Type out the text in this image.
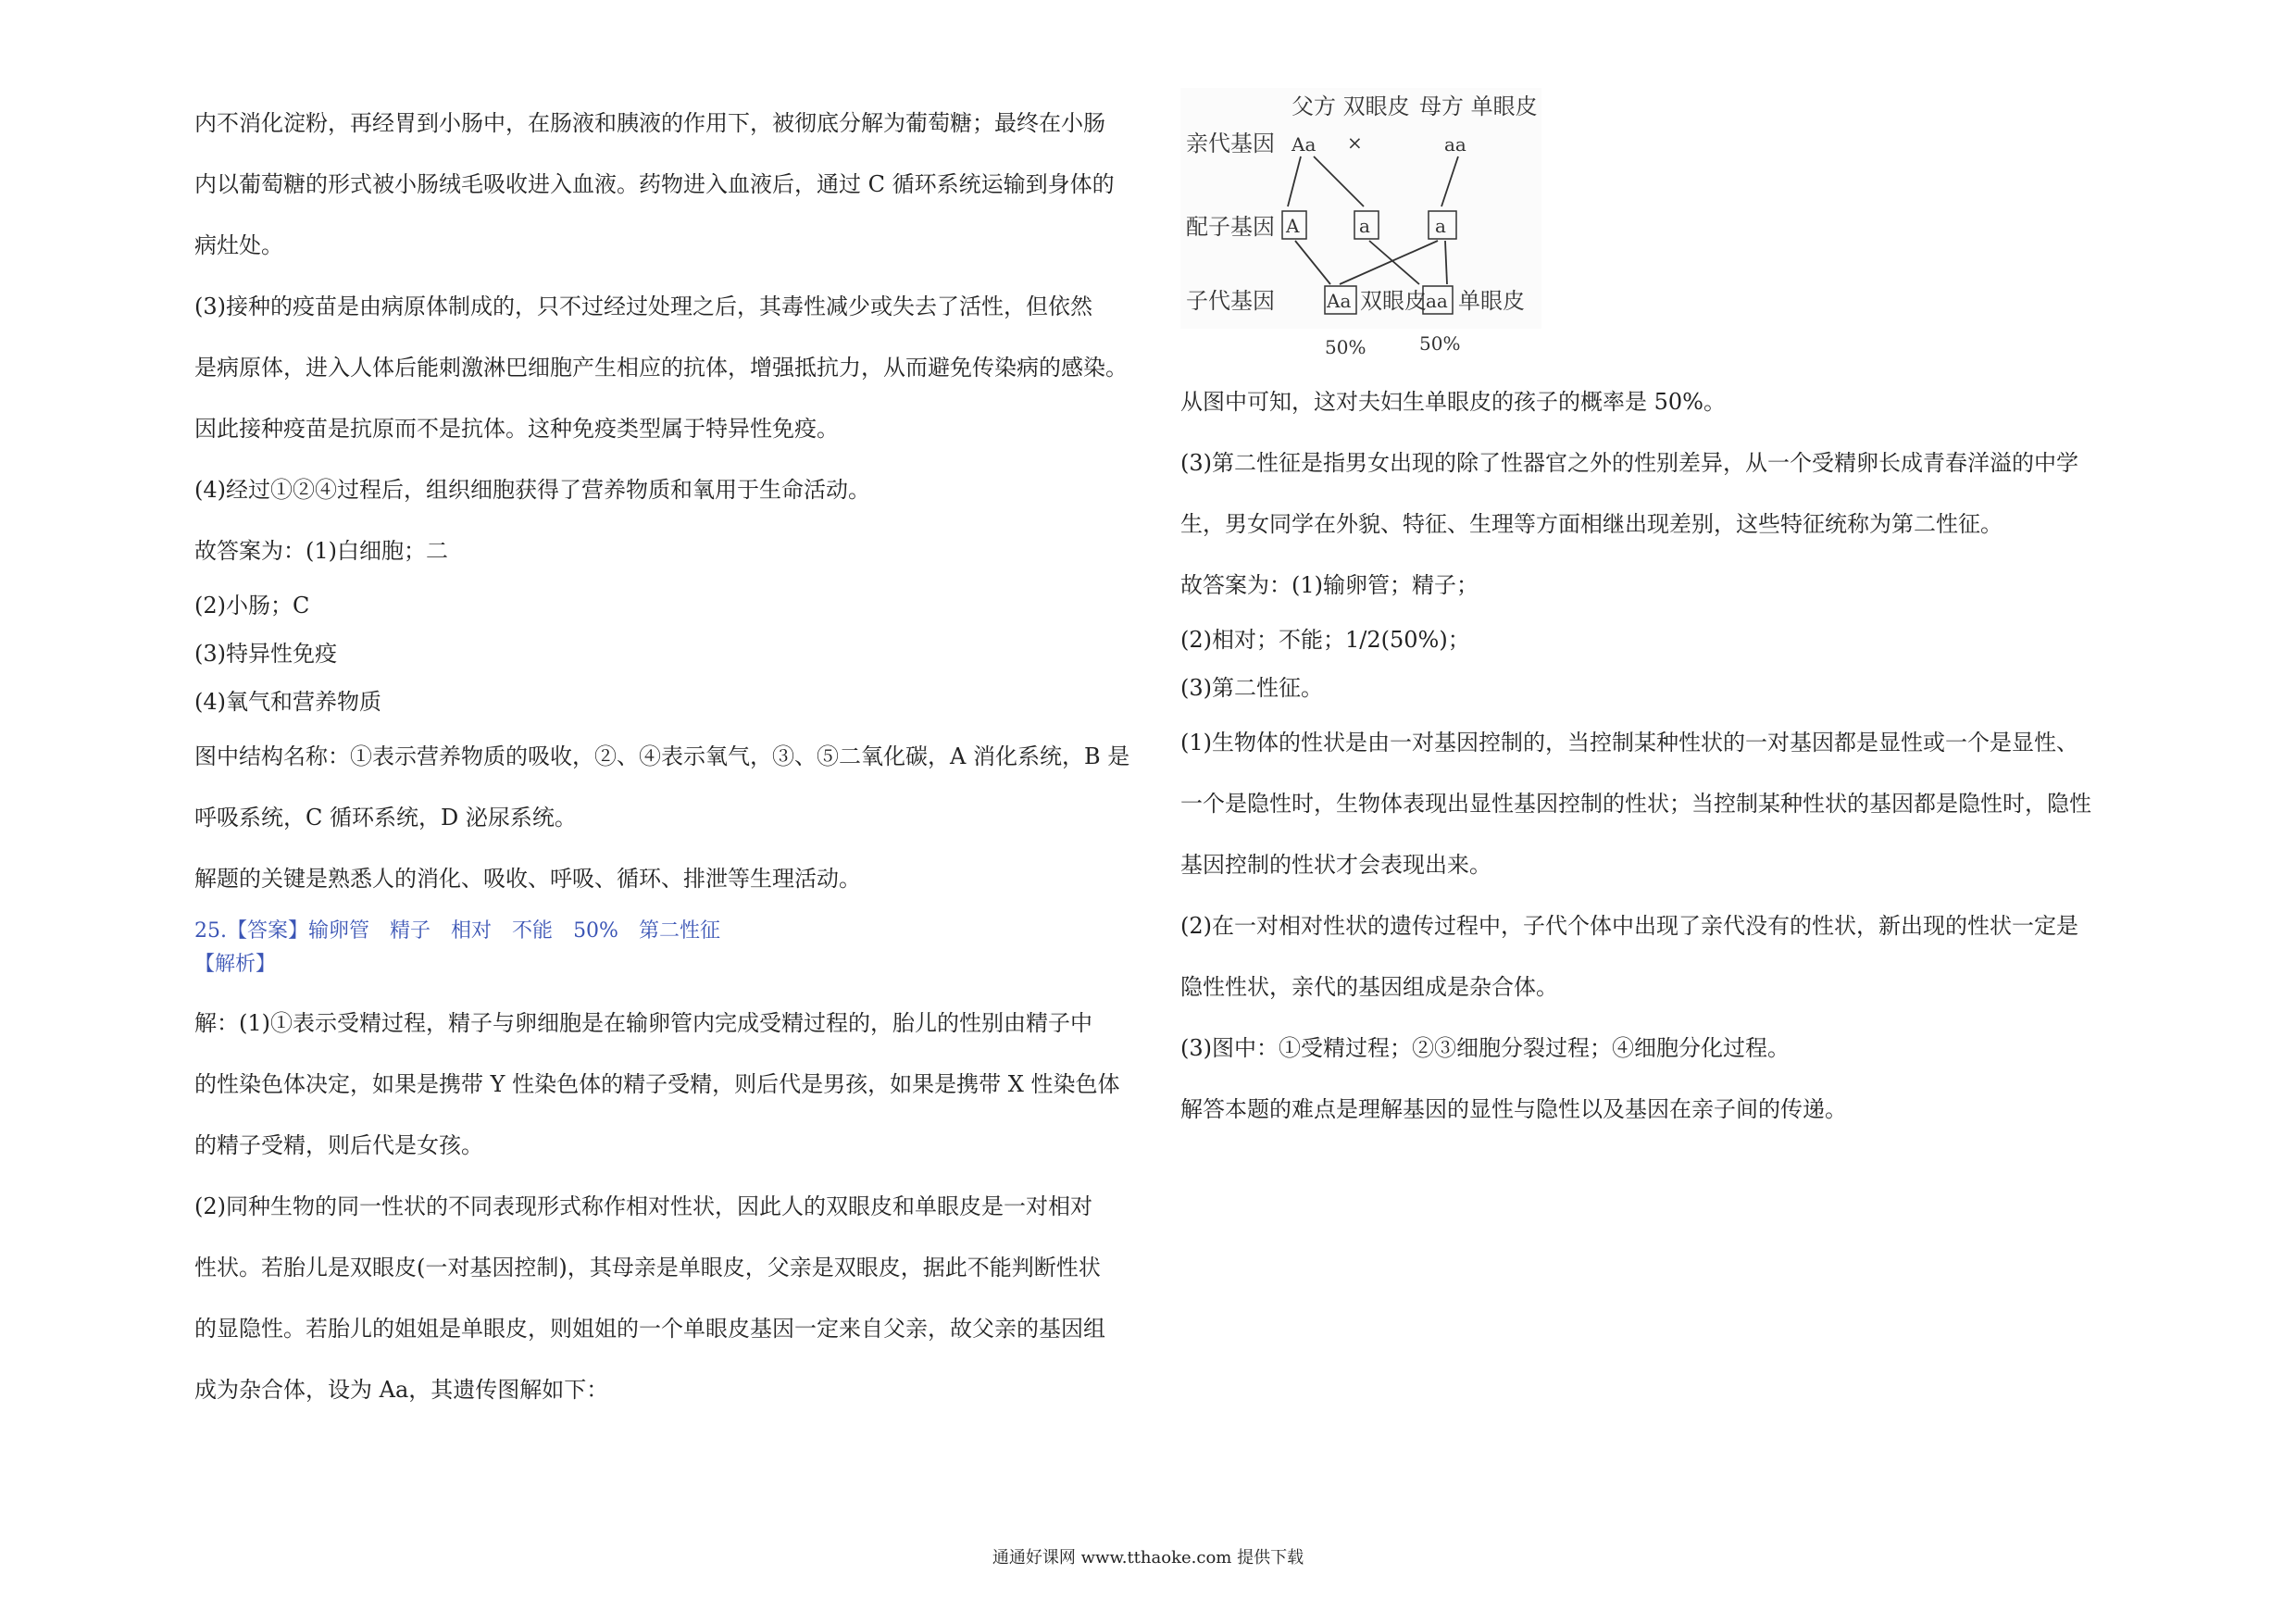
内不消化淀粉，再经胃到小肠中，在肠液和胰液的作用下，被彻底分解为葡萄糖；最终在小肠
内以葡萄糖的形式被小肠绒毛吸收进入血液。药物进入血液后，通过 C 循环系统运输到身体的
病灶处。

(3)接种的疫苗是由病原体制成的，只不过经过处理之后，其毒性减少或失去了活性，但依然
是病原体，进入人体后能刺激淋巴细胞产生相应的抗体，增强抵抗力，从而避免传染病的感染。
因此接种疫苗是抗原而不是抗体。这种免疫类型属于特异性免疫。

(4)经过①②④过程后，组织细胞获得了营养物质和氧用于生命活动。

故答案为：(1)白细胞；二

(2)小肠；C
(3)特异性免疫
(4)氧气和营养物质

图中结构名称：①表示营养物质的吸收，②、④表示氧气，③、⑤二氧化碳，A 消化系统，B 是
呼吸系统，C 循环系统，D 泌尿系统。

解题的关键是熟悉人的消化、吸收、呼吸、循环、排泄等生理活动。

25.【答案】输卵管 精子 相对 不能 50% 第二性征
【解析】

解：(1)①表示受精过程，精子与卵细胞是在输卵管内完成受精过程的，胎儿的性别由精子中
的性染色体决定，如果是携带 Y 性染色体的精子受精，则后代是男孩，如果是携带 X 性染色体
的精子受精，则后代是女孩。

(2)同种生物的同一性状的不同表现形式称作相对性状，因此人的双眼皮和单眼皮是一对相对
性状。若胎儿是双眼皮(一对基因控制)，其母亲是单眼皮，父亲是双眼皮，据此不能判断性状
的显隐性。若胎儿的姐姐是单眼皮，则姐姐的一个单眼皮基因一定来自父亲，故父亲的基因组
成为杂合体，设为 Aa，其遗传图解如下：

父方 双眼皮 母方 单眼皮
亲代基因 Aa ×	aa
配子基因 A	a	a
子代基因	Aa 双眼皮 aa 单眼皮
50%	50%

从图中可知，这对夫妇生单眼皮的孩子的概率是 50%。

(3)第二性征是指男女出现的除了性器官之外的性别差异，从一个受精卵长成青春洋溢的中学
生，男女同学在外貌、特征、生理等方面相继出现差别，这些特征统称为第二性征。

故答案为：(1)输卵管；精子；

(2)相对；不能；1/2(50%)；
(3)第二性征。

(1)生物体的性状是由一对基因控制的，当控制某种性状的一对基因都是显性或一个是显性、
一个是隐性时，生物体表现出显性基因控制的性状；当控制某种性状的基因都是隐性时，隐性
基因控制的性状才会表现出来。

(2)在一对相对性状的遗传过程中，子代个体中出现了亲代没有的性状，新出现的性状一定是
隐性性状，亲代的基因组成是杂合体。

(3)图中：①受精过程；②③细胞分裂过程；④细胞分化过程。

解答本题的难点是理解基因的显性与隐性以及基因在亲子间的传递。

通通好课网 www.tthaoke.com 提供下载
